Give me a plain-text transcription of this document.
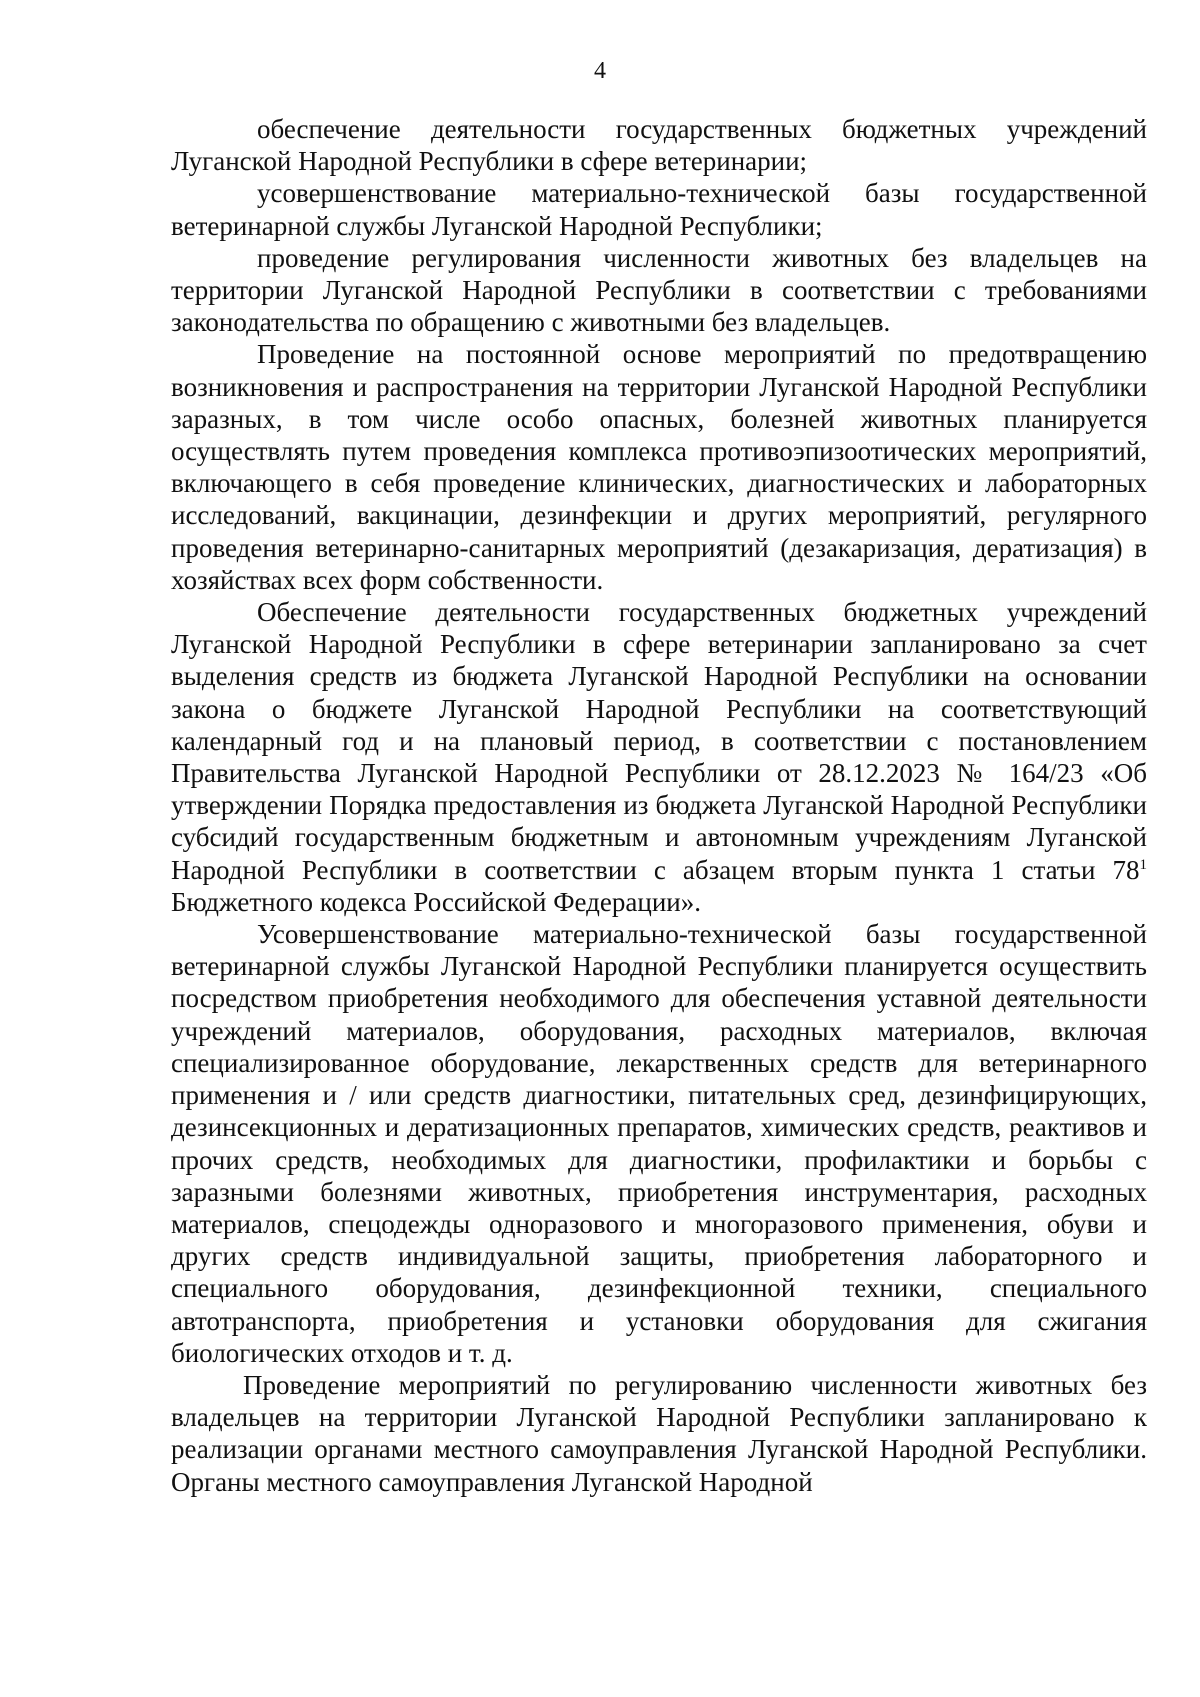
4

обеспечение деятельности государственных бюджетных учреждений Луганской Народной Республики в сфере ветеринарии;

усовершенствование материально-технической базы государственной ветеринарной службы Луганской Народной Республики;

проведение регулирования численности животных без владельцев на территории Луганской Народной Республики в соответствии с требованиями законодательства по обращению с животными без владельцев.

Проведение на постоянной основе мероприятий по предотвращению возникновения и распространения на территории Луганской Народной Республики заразных, в том числе особо опасных, болезней животных планируется осуществлять путем проведения комплекса противоэпизоотических мероприятий, включающего в себя проведение клинических, диагностических и лабораторных исследований, вакцинации, дезинфекции и других мероприятий, регулярного проведения ветеринарно-санитарных мероприятий (дезакаризация, дератизация) в хозяйствах всех форм собственности.

Обеспечение деятельности государственных бюджетных учреждений Луганской Народной Республики в сфере ветеринарии запланировано за счет выделения средств из бюджета Луганской Народной Республики на основании закона о бюджете Луганской Народной Республики на соответствующий календарный год и на плановый период, в соответствии с постановлением Правительства Луганской Народной Республики от 28.12.2023 № 164/23 «Об утверждении Порядка предоставления из бюджета Луганской Народной Республики субсидий государственным бюджетным и автономным учреждениям Луганской Народной Республики в соответствии с абзацем вторым пункта 1 статьи $78^1$ Бюджетного кодекса Российской Федерации».

Усовершенствование материально-технической базы государственной ветеринарной службы Луганской Народной Республики планируется осуществить посредством приобретения необходимого для обеспечения уставной деятельности учреждений материалов, оборудования, расходных материалов, включая специализированное оборудование, лекарственных средств для ветеринарного применения и / или средств диагностики, питательных сред, дезинфицирующих, дезинсекционных и дератизационных препаратов, химических средств, реактивов и прочих средств, необходимых для диагностики, профилактики и борьбы с заразными болезнями животных, приобретения инструментария, расходных материалов, спецодежды одноразового и многоразового применения, обуви и других средств индивидуальной защиты, приобретения лабораторного и специального оборудования, дезинфекционной техники, специального автотранспорта, приобретения и установки оборудования для сжигания биологических отходов и т. д.

Проведение мероприятий по регулированию численности животных без владельцев на территории Луганской Народной Республики запланировано к реализации органами местного самоуправления Луганской Народной Республики. Органы местного самоуправления Луганской Народной
